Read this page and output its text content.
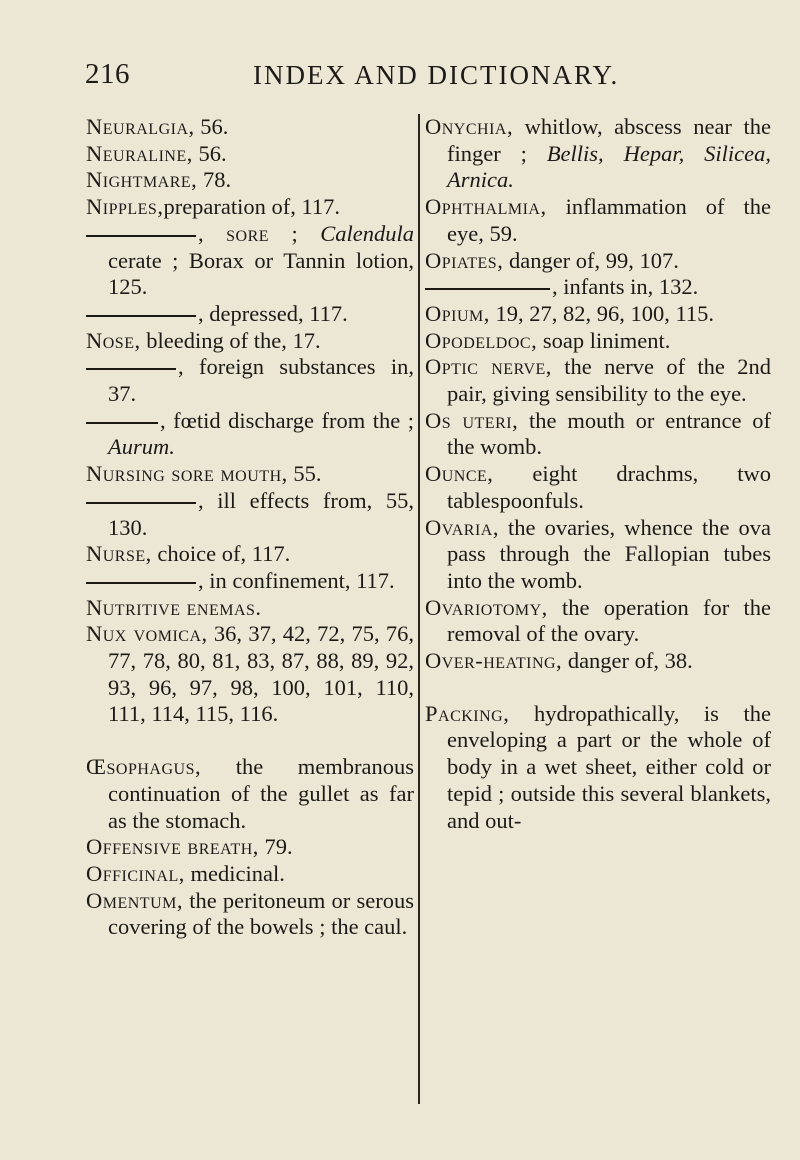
216	INDEX AND DICTIONARY.

Neuralgia, 56.

Neuraline, 56.

Nightmare, 78.

Nipples,preparation of, 117.

, sore ; Calendula cerate ; Borax or Tannin lotion, 125.

, depressed, 117.

Nose, bleeding of the, 17.

, foreign substances in, 37.

, fœtid discharge from the ; Aurum.

Nursing sore mouth, 55.

, ill effects from, 55, 130.

Nurse, choice of, 117.

, in confinement, 117.

Nutritive enemas.

Nux vomica, 36, 37, 42, 72, 75, 76, 77, 78, 80, 81, 83, 87, 88, 89, 92, 93, 96, 97, 98, 100, 101, 110, 111, 114, 115, 116.

Œsophagus, the membranous continuation of the gullet as far as the stomach.

Offensive breath, 79.

Officinal, medicinal.

Omentum, the peritoneum or serous covering of the bowels ; the caul.

Onychia, whitlow, abscess near the finger ; Bellis, Hepar, Silicea, Arnica.

Ophthalmia, inflammation of the eye, 59.

Opiates, danger of, 99, 107.

, infants in, 132.

Opium, 19, 27, 82, 96, 100, 115.

Opodeldoc, soap liniment.

Optic nerve, the nerve of the 2nd pair, giving sensibility to the eye.

Os uteri, the mouth or entrance of the womb.

Ounce, eight drachms, two tablespoonfuls.

Ovaria, the ovaries, whence the ova pass through the Fallopian tubes into the womb.

Ovariotomy, the operation for the removal of the ovary.

Over-heating, danger of, 38.

Packing, hydropathically, is the enveloping a part or the whole of body in a wet sheet, either cold or tepid ; outside this several blankets, and out-
